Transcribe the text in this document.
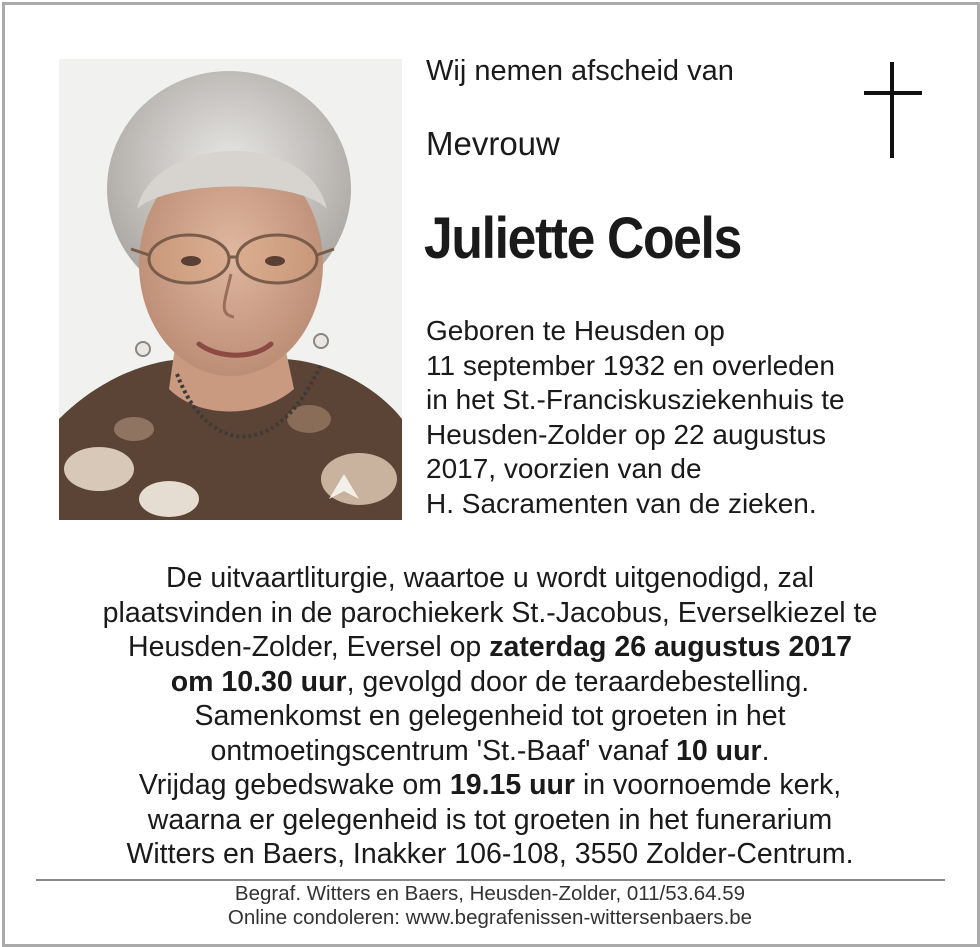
Wij nemen afscheid van

Mevrouw

Juliette Coels
Geboren te Heusden op
11 september 1932 en overleden
in het St.-Franciskusziekenhuis te
Heusden-Zolder op 22 augustus
2017, voorzien van de
H. Sacramenten van de zieken.
De uitvaartliturgie, waartoe u wordt uitgenodigd, zal
plaatsvinden in de parochiekerk St.-Jacobus, Everselkiezel te
Heusden-Zolder, Eversel op zaterdag 26 augustus 2017
om 10.30 uur, gevolgd door de teraardebestelling.
Samenkomst en gelegenheid tot groeten in het
ontmoetingscentrum 'St.-Baaf' vanaf 10 uur.
Vrijdag gebedswake om 19.15 uur in voornoemde kerk,
waarna er gelegenheid is tot groeten in het funerarium
Witters en Baers, Inakker 106-108, 3550 Zolder-Centrum.
Begraf. Witters en Baers, Heusden-Zolder, 011/53.64.59
Online condoleren: www.begrafenissen-wittersenbaers.be
